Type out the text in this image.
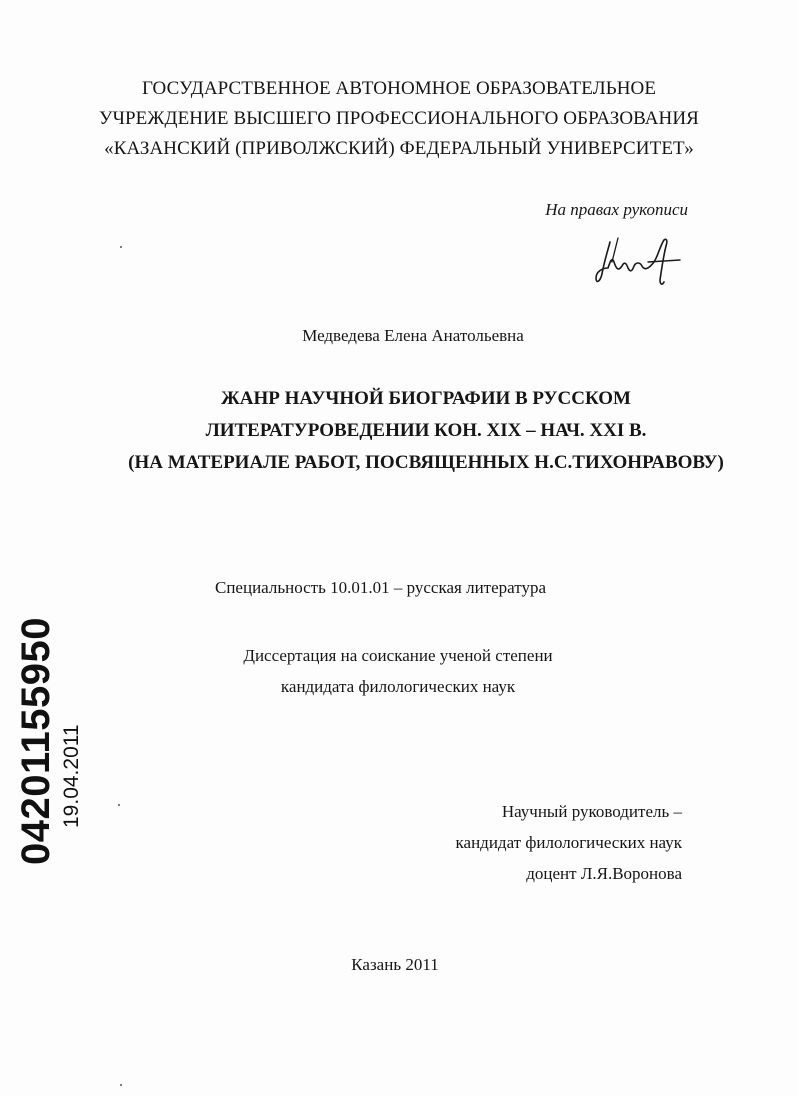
ГОСУДАРСТВЕННОЕ АВТОНОМНОЕ ОБРАЗОВАТЕЛЬНОЕ
УЧРЕЖДЕНИЕ ВЫСШЕГО ПРОФЕССИОНАЛЬНОГО ОБРАЗОВАНИЯ
«КАЗАНСКИЙ (ПРИВОЛЖСКИЙ) ФЕДЕРАЛЬНЫЙ УНИВЕРСИТЕТ»
На правах рукописи
Медведева Елена Анатольевна
ЖАНР НАУЧНОЙ БИОГРАФИИ В РУССКОМ
ЛИТЕРАТУРОВЕДЕНИИ КОН. XIX – НАЧ. XXI В.
(НА МАТЕРИАЛЕ РАБОТ, ПОСВЯЩЕННЫХ Н.С.ТИХОНРАВОВУ)
Специальность 10.01.01 – русская литература
Диссертация на соискание ученой степени
кандидата филологических наук
Научный руководитель –
кандидат филологических наук
доцент Л.Я.Воронова
Казань 2011
04201155950 19.04.2011
